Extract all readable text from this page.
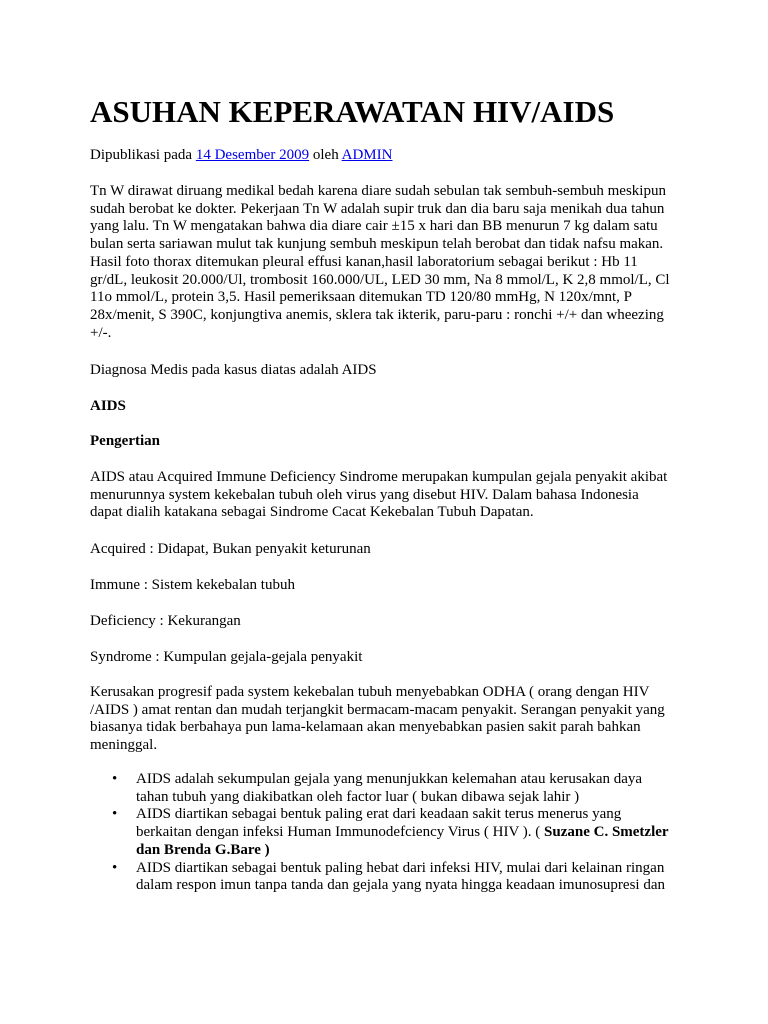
ASUHAN KEPERAWATAN HIV/AIDS

Dipublikasi pada 14 Desember 2009 oleh ADMIN

Tn W dirawat diruang medikal bedah karena diare sudah sebulan tak sembuh-sembuh meskipun
sudah berobat ke dokter. Pekerjaan Tn W adalah supir truk dan dia baru saja menikah dua tahun
yang lalu. Tn W mengatakan bahwa dia diare cair ±15 x hari dan BB menurun 7 kg dalam satu
bulan serta sariawan mulut tak kunjung sembuh meskipun telah berobat dan tidak nafsu makan.
Hasil foto thorax ditemukan pleural effusi kanan,hasil laboratorium sebagai berikut : Hb 11
gr/dL, leukosit 20.000/Ul, trombosit 160.000/UL, LED 30 mm, Na 8 mmol/L, K 2,8 mmol/L, Cl
11o mmol/L, protein 3,5. Hasil pemeriksaan ditemukan TD 120/80 mmHg, N 120x/mnt, P
28x/menit, S 390C, konjungtiva anemis, sklera tak ikterik, paru-paru : ronchi +/+ dan wheezing
+/-.

Diagnosa Medis pada kasus diatas adalah AIDS

AIDS

Pengertian

AIDS atau Acquired Immune Deficiency Sindrome merupakan kumpulan gejala penyakit akibat
menurunnya system kekebalan tubuh oleh virus yang disebut HIV. Dalam bahasa Indonesia
dapat dialih katakana sebagai Sindrome Cacat Kekebalan Tubuh Dapatan.

Acquired : Didapat, Bukan penyakit keturunan

Immune : Sistem kekebalan tubuh

Deficiency : Kekurangan

Syndrome : Kumpulan gejala-gejala penyakit

Kerusakan progresif pada system kekebalan tubuh menyebabkan ODHA ( orang dengan HIV
/AIDS ) amat rentan dan mudah terjangkit bermacam-macam penyakit. Serangan penyakit yang
biasanya tidak berbahaya pun lama-kelamaan akan menyebabkan pasien sakit parah bahkan
meninggal.
• AIDS adalah sekumpulan gejala yang menunjukkan kelemahan atau kerusakan daya
tahan tubuh yang diakibatkan oleh factor luar ( bukan dibawa sejak lahir )
• AIDS diartikan sebagai bentuk paling erat dari keadaan sakit terus menerus yang
berkaitan dengan infeksi Human Immunodefciency Virus ( HIV ). ( Suzane C. Smetzler
dan Brenda G.Bare )
• AIDS diartikan sebagai bentuk paling hebat dari infeksi HIV, mulai dari kelainan ringan
dalam respon imun tanpa tanda dan gejala yang nyata hingga keadaan imunosupresi dan
